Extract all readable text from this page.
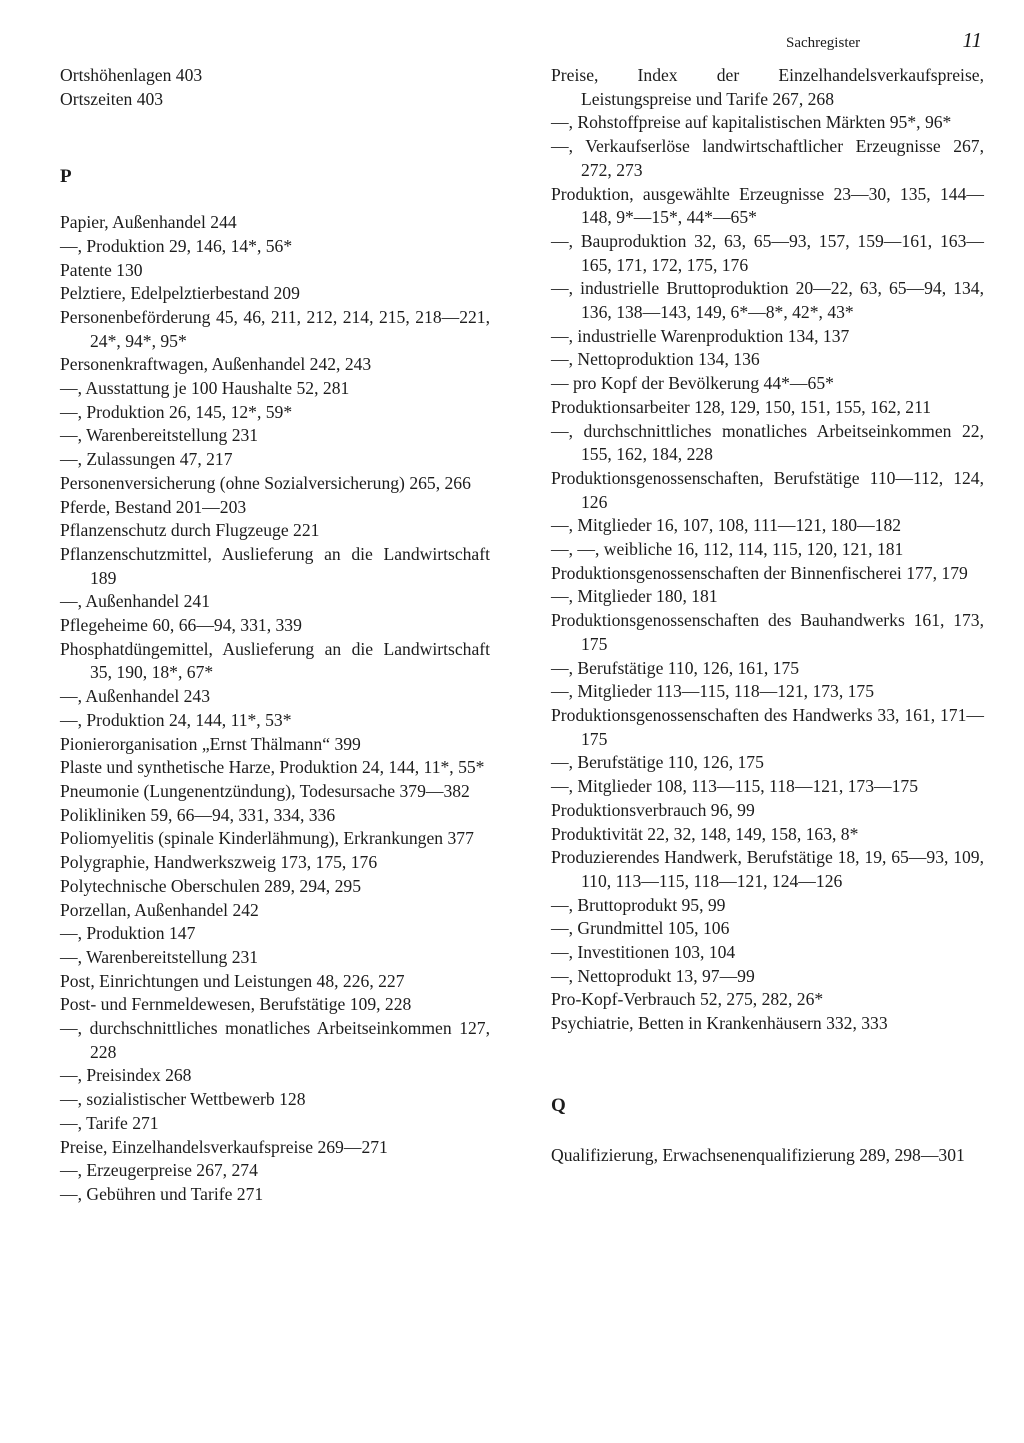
Sachregister	11
Ortshöhenlagen 403
Ortszeiten 403
P
Papier, Außenhandel 244
—, Produktion 29, 146, 14*, 56*
Patente 130
Pelztiere, Edelpelztierbestand 209
Personenbeförderung 45, 46, 211, 212, 214, 215, 218—221, 24*, 94*, 95*
Personenkraftwagen, Außenhandel 242, 243
—, Ausstattung je 100 Haushalte 52, 281
—, Produktion 26, 145, 12*, 59*
—, Warenbereitstellung 231
—, Zulassungen 47, 217
Personenversicherung (ohne Sozialversicherung) 265, 266
Pferde, Bestand 201—203
Pflanzenschutz durch Flugzeuge 221
Pflanzenschutzmittel, Auslieferung an die Landwirtschaft 189
—, Außenhandel 241
Pflegeheime 60, 66—94, 331, 339
Phosphatdüngemittel, Auslieferung an die Landwirtschaft 35, 190, 18*, 67*
—, Außenhandel 243
—, Produktion 24, 144, 11*, 53*
Pionierorganisation „Ernst Thälmann“ 399
Plaste und synthetische Harze, Produktion 24, 144, 11*, 55*
Pneumonie (Lungenentzündung), Todesursache 379—382
Polikliniken 59, 66—94, 331, 334, 336
Poliomyelitis (spinale Kinderlähmung), Erkrankungen 377
Polygraphie, Handwerkszweig 173, 175, 176
Polytechnische Oberschulen 289, 294, 295
Porzellan, Außenhandel 242
—, Produktion 147
—, Warenbereitstellung 231
Post, Einrichtungen und Leistungen 48, 226, 227
Post- und Fernmeldewesen, Berufstätige 109, 228
—, durchschnittliches monatliches Arbeitseinkommen 127, 228
—, Preisindex 268
—, sozialistischer Wettbewerb 128
—, Tarife 271
Preise, Einzelhandelsverkaufspreise 269—271
—, Erzeugerpreise 267, 274
—, Gebühren und Tarife 271
Preise, Index der Einzelhandelsverkaufspreise, Leistungspreise und Tarife 267, 268
—, Rohstoffpreise auf kapitalistischen Märkten 95*, 96*
—, Verkaufserlöse landwirtschaftlicher Erzeugnisse 267, 272, 273
Produktion, ausgewählte Erzeugnisse 23—30, 135, 144—148, 9*—15*, 44*—65*
—, Bauproduktion 32, 63, 65—93, 157, 159—161, 163—165, 171, 172, 175, 176
—, industrielle Bruttoproduktion 20—22, 63, 65—94, 134, 136, 138—143, 149, 6*—8*, 42*, 43*
—, industrielle Warenproduktion 134, 137
—, Nettoproduktion 134, 136
— pro Kopf der Bevölkerung 44*—65*
Produktionsarbeiter 128, 129, 150, 151, 155, 162, 211
—, durchschnittliches monatliches Arbeitseinkommen 22, 155, 162, 184, 228
Produktionsgenossenschaften, Berufstätige 110—112, 124, 126
—, Mitglieder 16, 107, 108, 111—121, 180—182
—, —, weibliche 16, 112, 114, 115, 120, 121, 181
Produktionsgenossenschaften der Binnenfischerei 177, 179
—, Mitglieder 180, 181
Produktionsgenossenschaften des Bauhandwerks 161, 173, 175
—, Berufstätige 110, 126, 161, 175
—, Mitglieder 113—115, 118—121, 173, 175
Produktionsgenossenschaften des Handwerks 33, 161, 171—175
—, Berufstätige 110, 126, 175
—, Mitglieder 108, 113—115, 118—121, 173—175
Produktionsverbrauch 96, 99
Produktivität 22, 32, 148, 149, 158, 163, 8*
Produzierendes Handwerk, Berufstätige 18, 19, 65—93, 109, 110, 113—115, 118—121, 124—126
—, Bruttoprodukt 95, 99
—, Grundmittel 105, 106
—, Investitionen 103, 104
—, Nettoprodukt 13, 97—99
Pro-Kopf-Verbrauch 52, 275, 282, 26*
Psychiatrie, Betten in Krankenhäusern 332, 333
Q
Qualifizierung, Erwachsenenqualifizierung 289, 298—301
